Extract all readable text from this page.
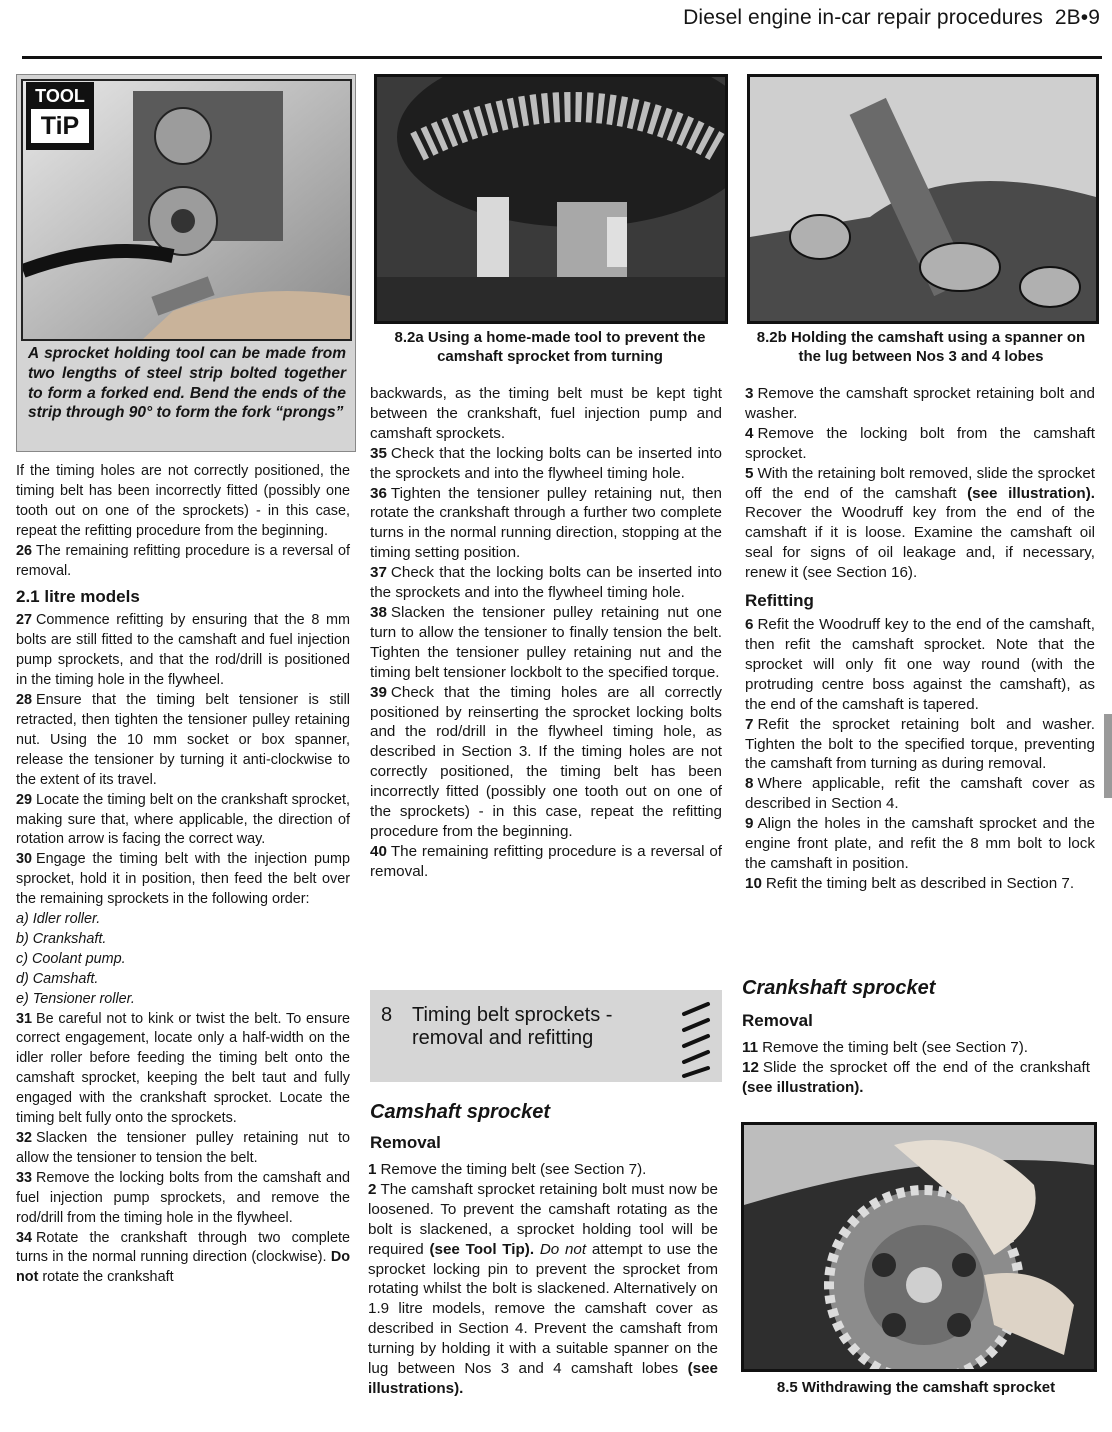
Diesel engine in-car repair procedures 2B•9
TOOL
TiP
A sprocket holding tool can be made from two lengths of steel strip bolted together to form a forked end. Bend the ends of the strip through 90° to form the fork “prongs”
8.2a Using a home-made tool to prevent the camshaft sprocket from turning
8.2b Holding the camshaft using a spanner on the lug between Nos 3 and 4 lobes

If the timing holes are not correctly positioned, the timing belt has been incorrectly fitted (possibly one tooth out on one of the sprockets) - in this case, repeat the refitting procedure from the beginning.

26 The remaining refitting procedure is a reversal of removal.

2.1 litre models

27 Commence refitting by ensuring that the 8 mm bolts are still fitted to the camshaft and fuel injection pump sprockets, and that the rod/drill is positioned in the timing hole in the flywheel.

28 Ensure that the timing belt tensioner is still retracted, then tighten the tensioner pulley retaining nut. Using the 10 mm socket or box spanner, release the tensioner by turning it anti-clockwise to the extent of its travel.

29 Locate the timing belt on the crankshaft sprocket, making sure that, where applicable, the direction of rotation arrow is facing the correct way.

30 Engage the timing belt with the injection pump sprocket, hold it in position, then feed the belt over the remaining sprockets in the following order:

a) Idler roller.
b) Crankshaft.
c) Coolant pump.
d) Camshaft.
e) Tensioner roller.

31 Be careful not to kink or twist the belt. To ensure correct engagement, locate only a half-width on the idler roller before feeding the timing belt onto the camshaft sprocket, keeping the belt taut and fully engaged with the crankshaft sprocket. Locate the timing belt fully onto the sprockets.

32 Slacken the tensioner pulley retaining nut to allow the tensioner to tension the belt.

33 Remove the locking bolts from the camshaft and fuel injection pump sprockets, and remove the rod/drill from the timing hole in the flywheel.

34 Rotate the crankshaft through two complete turns in the normal running direction (clockwise). Do not rotate the crankshaft

backwards, as the timing belt must be kept tight between the crankshaft, fuel injection pump and camshaft sprockets.

35 Check that the locking bolts can be inserted into the sprockets and into the flywheel timing hole.

36 Tighten the tensioner pulley retaining nut, then rotate the crankshaft through a further two complete turns in the normal running direction, stopping at the timing setting position.

37 Check that the locking bolts can be inserted into the sprockets and into the flywheel timing hole.

38 Slacken the tensioner pulley retaining nut one turn to allow the tensioner to finally tension the belt. Tighten the tensioner pulley retaining nut and the timing belt tensioner lockbolt to the specified torque.

39 Check that the timing holes are all correctly positioned by reinserting the sprocket locking bolts and the rod/drill in the flywheel timing hole, as described in Section 3. If the timing holes are not correctly positioned, the timing belt has been incorrectly fitted (possibly one tooth out on one of the sprockets) - in this case, repeat the refitting procedure from the beginning.

40 The remaining refitting procedure is a reversal of removal.

8 Timing belt sprockets -
removal and refitting
Camshaft sprocket
Removal

1 Remove the timing belt (see Section 7).

2 The camshaft sprocket retaining bolt must now be loosened. To prevent the camshaft rotating as the bolt is slackened, a sprocket holding tool will be required (see Tool Tip). Do not attempt to use the sprocket locking pin to prevent the sprocket from rotating whilst the bolt is slackened. Alternatively on 1.9 litre models, remove the camshaft cover as described in Section 4. Prevent the camshaft from turning by holding it with a suitable spanner on the lug between Nos 3 and 4 camshaft lobes (see illustrations).

3 Remove the camshaft sprocket retaining bolt and washer.

4 Remove the locking bolt from the camshaft sprocket.

5 With the retaining bolt removed, slide the sprocket off the end of the camshaft (see illustration). Recover the Woodruff key from the end of the camshaft if it is loose. Examine the camshaft oil seal for signs of oil leakage and, if necessary, renew it (see Section 16).

Refitting

6 Refit the Woodruff key to the end of the camshaft, then refit the camshaft sprocket. Note that the sprocket will only fit one way round (with the protruding centre boss against the camshaft), as the end of the camshaft is tapered.

7 Refit the sprocket retaining bolt and washer. Tighten the bolt to the specified torque, preventing the camshaft from turning as during removal.

8 Where applicable, refit the camshaft cover as described in Section 4.

9 Align the holes in the camshaft sprocket and the engine front plate, and refit the 8 mm bolt to lock the camshaft in position.

10 Refit the timing belt as described in Section 7.

Crankshaft sprocket
Removal

11 Remove the timing belt (see Section 7).

12 Slide the sprocket off the end of the crankshaft (see illustration).

8.5 Withdrawing the camshaft sprocket
